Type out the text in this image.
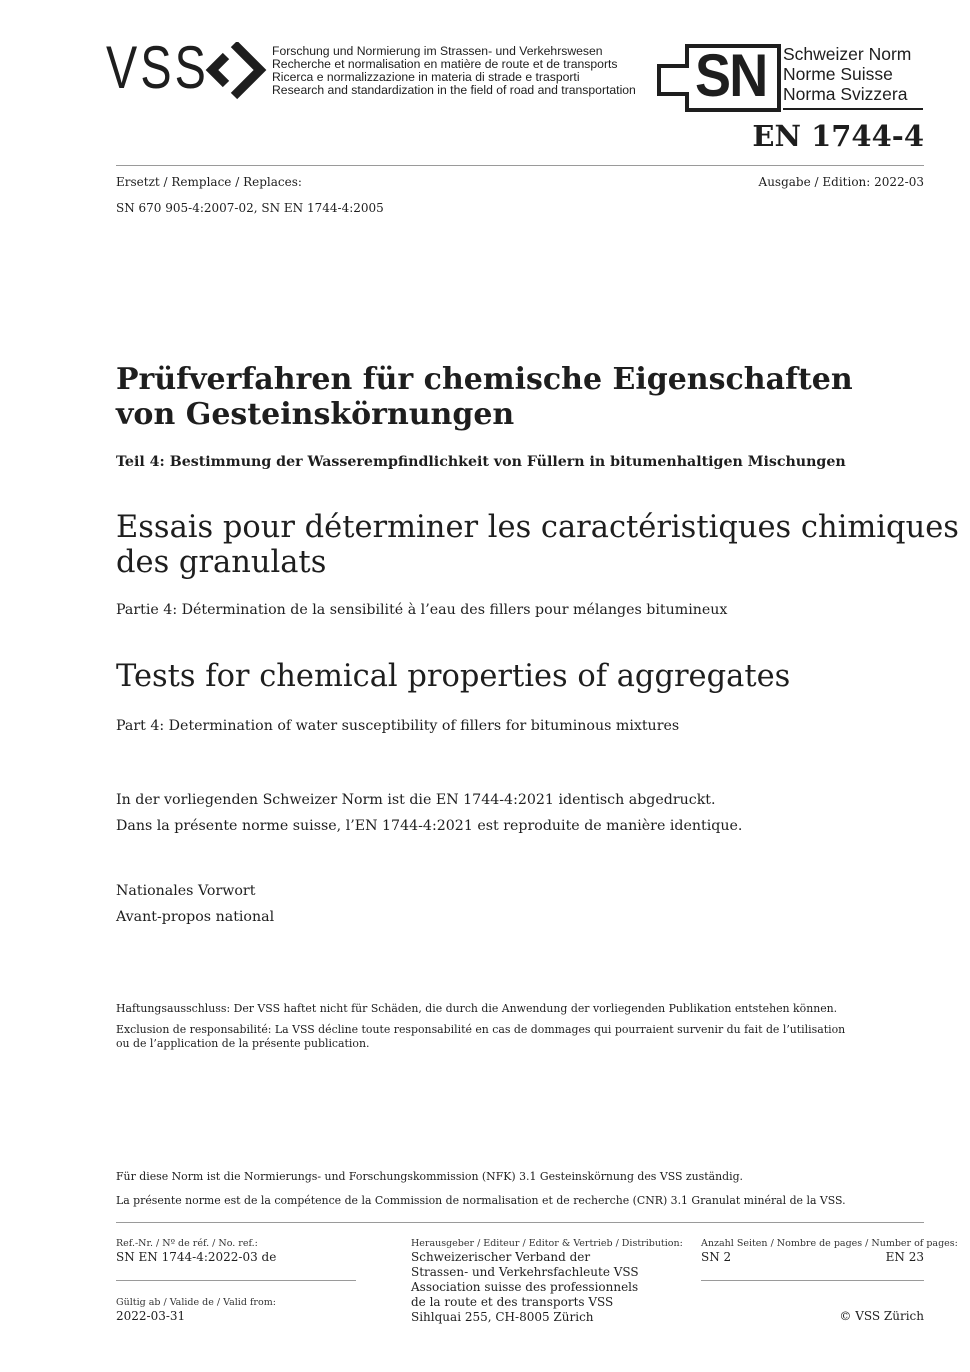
VSS	Forschung und Normierung im Strassen- und Verkehrswesen
Recherche et normalisation en matière de route et de transports
Ricerca e normalizzazione in materia di strade e trasporti
Research and standardization in the field of road and transportation SN Schweizer Norm
Norme Suisse
Norma Svizzera
EN 1744-4
Ersetzt / Remplace / Replaces:
SN 670 905-4:2007-02, SN EN 1744-4:2005
Ausgabe / Edition: 2022-03
Prüfverfahren für chemische Eigenschaften
von Gesteinskörnungen
Teil 4: Bestimmung der Wasserempfindlichkeit von Füllern in bitumenhaltigen Mischungen
Essais pour déterminer les caractéristiques chimiques
des granulats
Partie 4: Détermination de la sensibilité à l’eau des fillers pour mélanges bitumineux
Tests for chemical properties of aggregates
Part 4: Determination of water susceptibility of fillers for bituminous mixtures
In der vorliegenden Schweizer Norm ist die EN 1744-4:2021 identisch abgedruckt.
Dans la présente norme suisse, l’EN 1744-4:2021 est reproduite de manière identique.
Nationales Vorwort
Avant-propos national
Haftungsausschluss: Der VSS haftet nicht für Schäden, die durch die Anwendung der vorliegenden Publikation entstehen können.
Exclusion de responsabilité: La VSS décline toute responsabilité en cas de dommages qui pourraient survenir du fait de l’utilisation
ou de l’application de la présente publication.
Für diese Norm ist die Normierungs- und Forschungskommission (NFK) 3.1 Gesteinskörnung des VSS zuständig.
La présente norme est de la compétence de la Commission de normalisation et de recherche (CNR) 3.1 Granulat minéral de la VSS.
Ref.-Nr. / Nº de réf. / No. ref.:
SN EN 1744-4:2022-03 de
Gültig ab / Valide de / Valid from:
2022-03-31
Herausgeber / Editeur / Editor & Vertrieb / Distribution:
Schweizerischer Verband der
Strassen- und Verkehrsfachleute VSS
Association suisse des professionnels
de la route et des transports VSS
Sihlquai 255, CH-8005 Zürich
Anzahl Seiten / Nombre de pages / Number of pages:
SN 2	EN 23
© VSS Zürich
